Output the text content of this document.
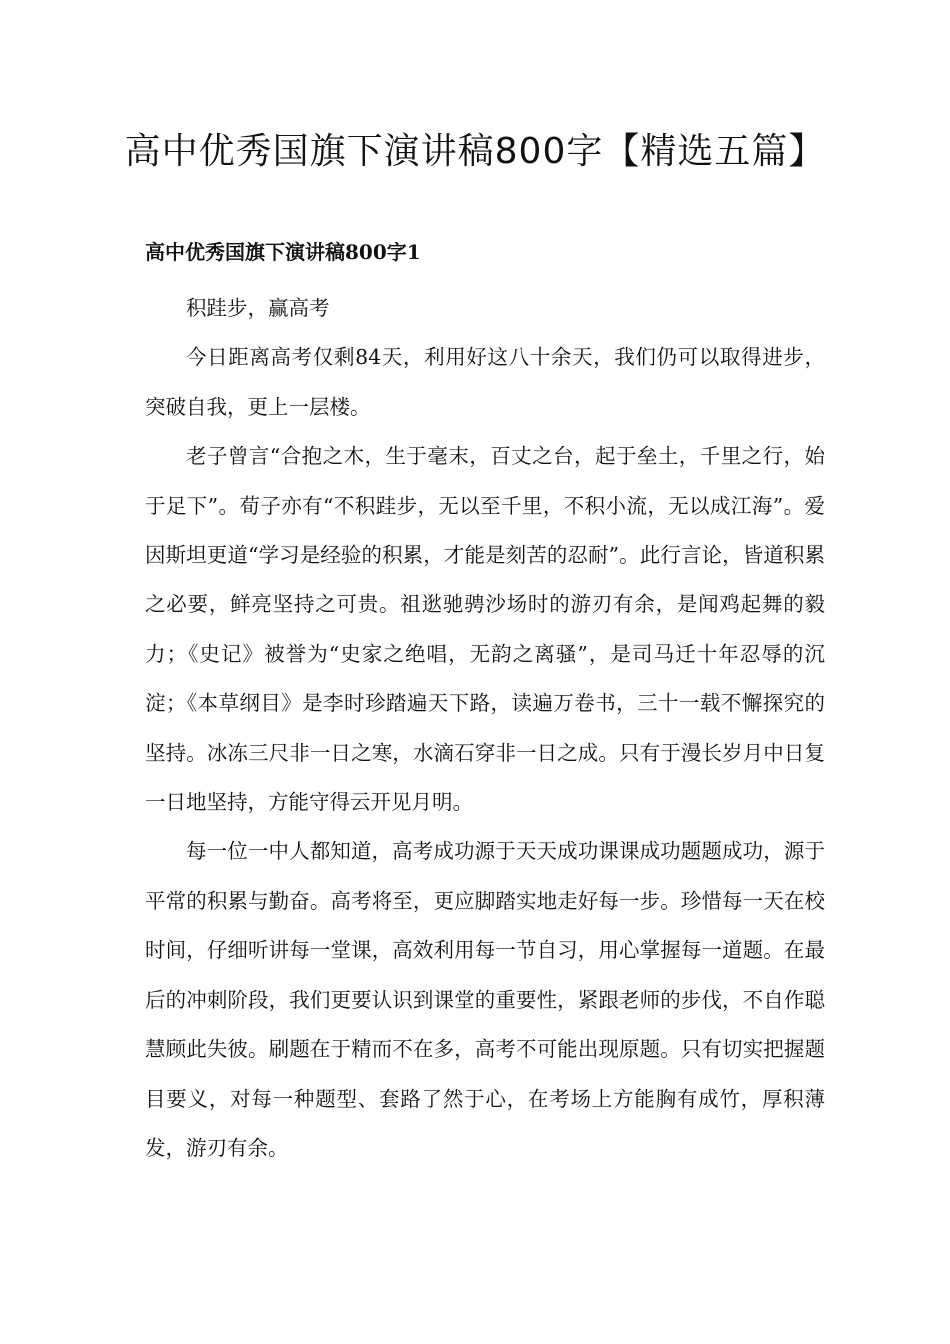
高中优秀国旗下演讲稿800字【精选五篇】
高中优秀国旗下演讲稿800字1

积跬步，赢高考

今日距离高考仅剩84天，利用好这八十余天，我们仍可以取得进步，突破自我，更上一层楼。

老子曾言“合抱之木，生于毫末，百丈之台，起于垒土，千里之行，始于足下”。荀子亦有“不积跬步，无以至千里，不积小流，无以成江海”。爱因斯坦更道“学习是经验的积累，才能是刻苦的忍耐”。此行言论，皆道积累之必要，鲜亮坚持之可贵。祖逖驰骋沙场时的游刃有余，是闻鸡起舞的毅力；《史记》被誉为“史家之绝唱，无韵之离骚”，是司马迁十年忍辱的沉淀；《本草纲目》是李时珍踏遍天下路，读遍万卷书，三十一载不懈探究的坚持。冰冻三尺非一日之寒，水滴石穿非一日之成。只有于漫长岁月中日复一日地坚持，方能守得云开见月明。

每一位一中人都知道，高考成功源于天天成功课课成功题题成功，源于平常的积累与勤奋。高考将至，更应脚踏实地走好每一步。珍惜每一天在校时间，仔细听讲每一堂课，高效利用每一节自习，用心掌握每一道题。在最后的冲刺阶段，我们更要认识到课堂的重要性，紧跟老师的步伐，不自作聪慧顾此失彼。刷题在于精而不在多，高考不可能出现原题。只有切实把握题目要义，对每一种题型、套路了然于心，在考场上方能胸有成竹，厚积薄发，游刃有余。
